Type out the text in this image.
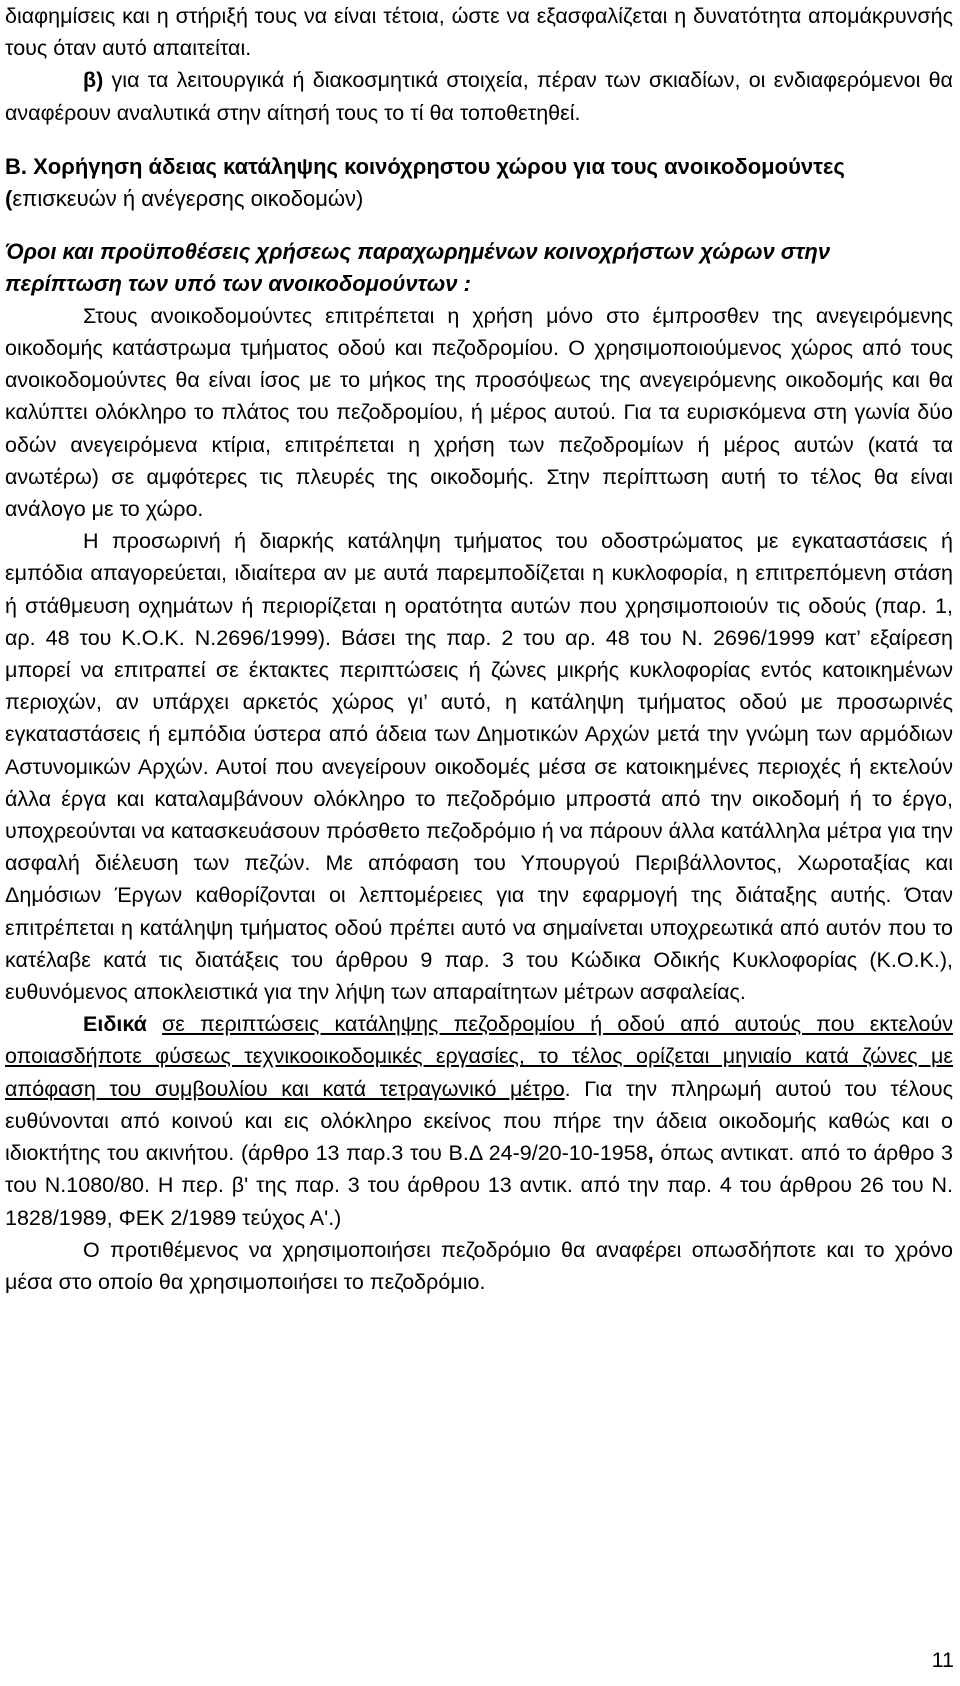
διαφημίσεις και η στήριξή τους να είναι τέτοια, ώστε να εξασφαλίζεται η δυνατότητα απομάκρυνσής τους όταν αυτό απαιτείται.

β) για τα λειτουργικά ή διακοσμητικά στοιχεία, πέραν των σκιαδίων, οι ενδιαφερόμενοι θα αναφέρουν αναλυτικά στην αίτησή τους το τί θα τοποθετηθεί.

Β. Χορήγηση άδειας κατάληψης κοινόχρηστου χώρου για τους ανοικοδομούντες (επισκευών ή ανέγερσης οικοδομών)

Όροι και προϋποθέσεις χρήσεως παραχωρημένων κοινοχρήστων χώρων στην περίπτωση των υπό των ανοικοδομούντων :

Στους ανοικοδομούντες επιτρέπεται η χρήση μόνο στο έμπροσθεν της ανεγειρόμενης οικοδομής κατάστρωμα τμήματος οδού και πεζοδρομίου. Ο χρησιμοποιούμενος χώρος από τους ανοικοδομούντες θα είναι ίσος με το μήκος της προσόψεως της ανεγειρόμενης οικοδομής και θα καλύπτει ολόκληρο το πλάτος του πεζοδρομίου, ή μέρος αυτού. Για τα ευρισκόμενα στη γωνία δύο οδών ανεγειρόμενα κτίρια, επιτρέπεται η χρήση των πεζοδρομίων ή μέρος αυτών (κατά τα ανωτέρω) σε αμφότερες τις πλευρές της οικοδομής. Στην περίπτωση αυτή το τέλος θα είναι ανάλογο με το χώρο.

Η προσωρινή ή διαρκής κατάληψη τμήματος του οδοστρώματος με εγκαταστάσεις ή εμπόδια απαγορεύεται, ιδιαίτερα αν με αυτά παρεμποδίζεται η κυκλοφορία, η επιτρεπόμενη στάση ή στάθμευση οχημάτων ή περιορίζεται η ορατότητα αυτών που χρησιμοποιούν τις οδούς (παρ. 1, αρ. 48 του Κ.Ο.Κ. Ν.2696/1999). Βάσει της παρ. 2 του αρ. 48 του Ν. 2696/1999 κατ’ εξαίρεση μπορεί να επιτραπεί σε έκτακτες περιπτώσεις ή ζώνες μικρής κυκλοφορίας εντός κατοικημένων περιοχών, αν υπάρχει αρκετός χώρος γι’ αυτό, η κατάληψη τμήματος οδού με προσωρινές εγκαταστάσεις ή εμπόδια ύστερα από άδεια των Δημοτικών Αρχών μετά την γνώμη των αρμόδιων Αστυνομικών Αρχών. Αυτοί που ανεγείρουν οικοδομές μέσα σε κατοικημένες περιοχές ή εκτελούν άλλα έργα και καταλαμβάνουν ολόκληρο το πεζοδρόμιο μπροστά από την οικοδομή ή το έργο, υποχρεούνται να κατασκευάσουν πρόσθετο πεζοδρόμιο ή να πάρουν άλλα κατάλληλα μέτρα για την ασφαλή διέλευση των πεζών. Με απόφαση του Υπουργού Περιβάλλοντος, Χωροταξίας και Δημόσιων Έργων καθορίζονται οι λεπτομέρειες για την εφαρμογή της διάταξης αυτής. Όταν επιτρέπεται η κατάληψη τμήματος οδού πρέπει αυτό να σημαίνεται υποχρεωτικά από αυτόν που το κατέλαβε κατά τις διατάξεις του άρθρου 9 παρ. 3 του Κώδικα Οδικής Κυκλοφορίας (Κ.Ο.Κ.), ευθυνόμενος αποκλειστικά για την λήψη των απαραίτητων μέτρων ασφαλείας.

Ειδικά σε περιπτώσεις κατάληψης πεζοδρομίου ή οδού από αυτούς που εκτελούν οποιασδήποτε φύσεως τεχνικοοικοδομικές εργασίες, το τέλος ορίζεται μηνιαίο κατά ζώνες με απόφαση του συμβουλίου και κατά τετραγωνικό μέτρο. Για την πληρωμή αυτού του τέλους ευθύνονται από κοινού και εις ολόκληρο εκείνος που πήρε την άδεια οικοδομής καθώς και ο ιδιοκτήτης του ακινήτου. (άρθρο 13 παρ.3 του Β.Δ 24-9/20-10-1958, όπως αντικατ. από το άρθρο 3 του Ν.1080/80. Η περ. β' της παρ. 3 του άρθρου 13 αντικ. από την παρ. 4 του άρθρου 26 του Ν. 1828/1989, ΦΕΚ 2/1989 τεύχος Α'.)

Ο προτιθέμενος να χρησιμοποιήσει πεζοδρόμιο θα αναφέρει οπωσδήποτε και το χρόνο μέσα στο οποίο θα χρησιμοποιήσει το πεζοδρόμιο.

11
